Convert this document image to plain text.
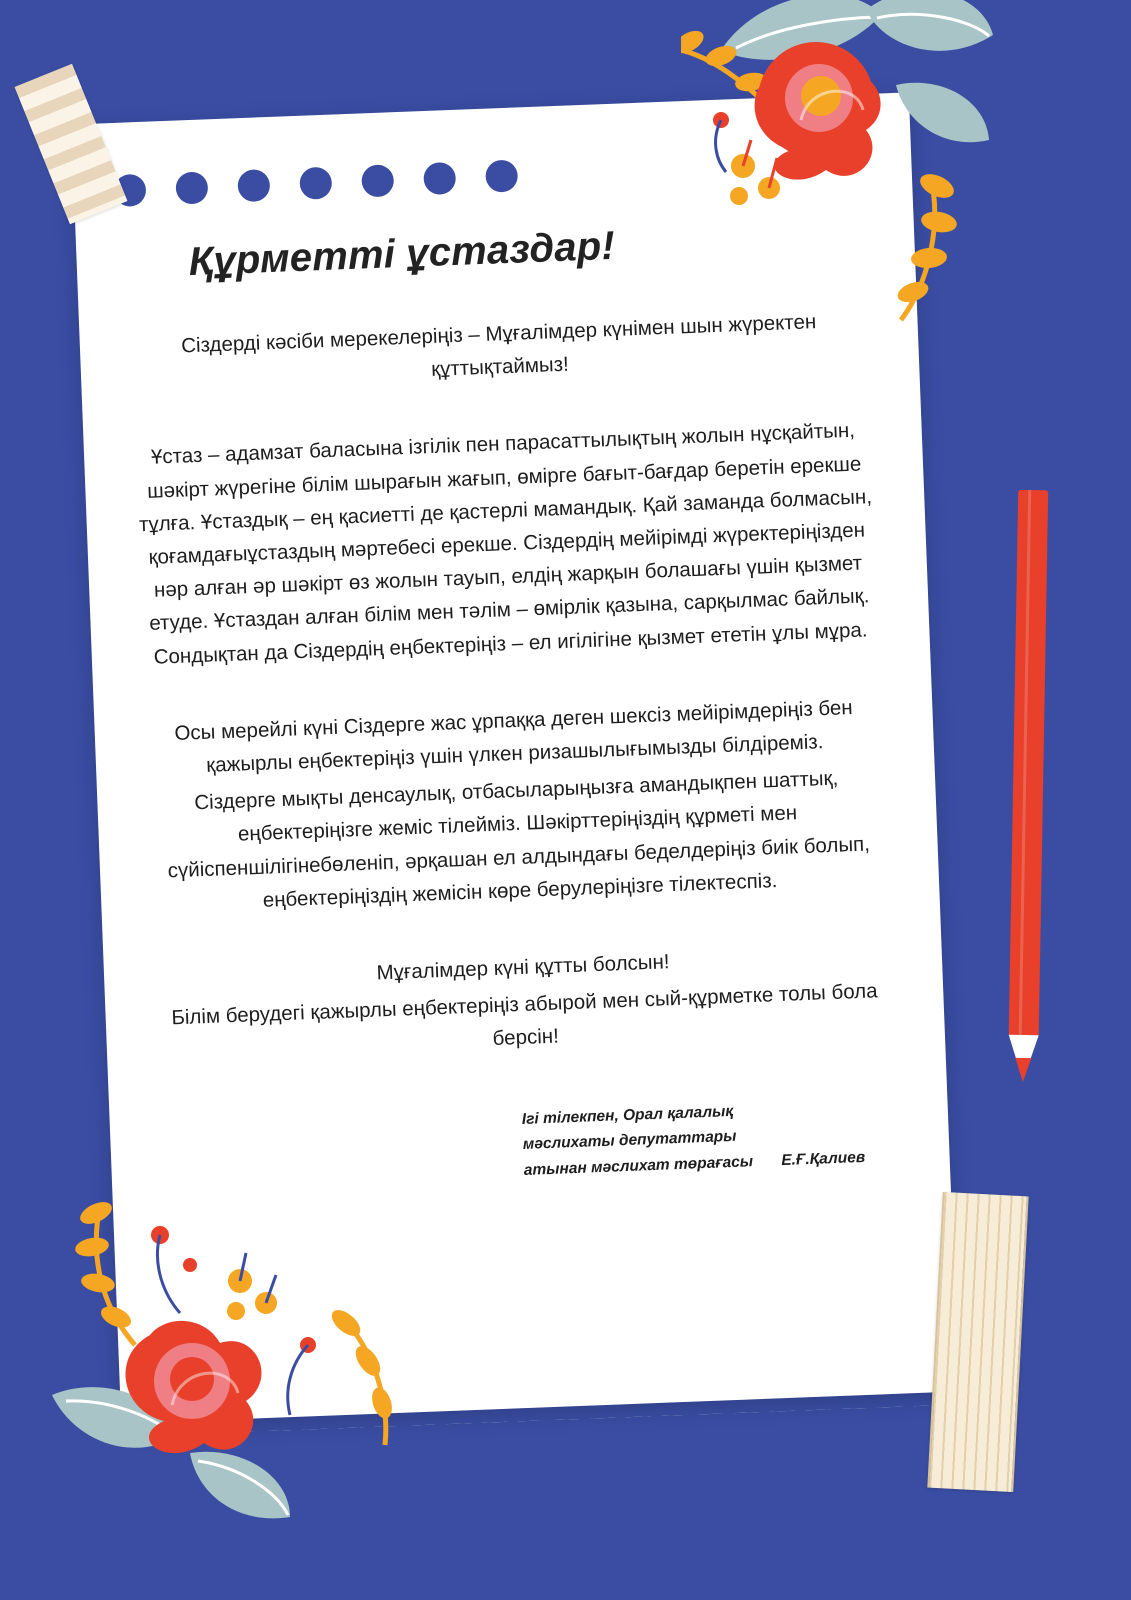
Құрметті ұстаздар!

Сіздерді кәсіби мерекелеріңіз – Мұғалімдер күнімен шын жүректен құттықтаймыз!

Ұстаз – адамзат баласына ізгілік пен парасаттылықтың жолын нұсқайтын, шәкірт жүрегіне білім шырағын жағып, өмірге бағыт-бағдар беретін ерекше тұлға. Ұстаздық – ең қасиетті де қастерлі мамандық. Қай заманда болмасын, қоғамдағыұстаздың мәртебесі ерекше. Сіздердің мейірімді жүректеріңізден нәр алған әр шәкірт өз жолын тауып, елдің жарқын болашағы үшін қызмет етуде. Ұстаздан алған білім мен тәлім – өмірлік қазына, сарқылмас байлық. Сондықтан да Сіздердің еңбектеріңіз – ел игілігіне қызмет ететін ұлы мұра.

Осы мерейлі күні Сіздерге жас ұрпаққа деген шексіз мейірімдеріңіз бен қажырлы еңбектеріңіз үшін үлкен ризашылығымызды білдіреміз.

Сіздерге мықты денсаулық, отбасыларыңызға амандықпен шаттық, еңбектеріңізге жеміс тілейміз. Шәкірттеріңіздің құрметі мен сүйіспеншілігінебөленіп, әрқашан ел алдындағы беделдеріңіз биік болып, еңбектеріңіздің жемісін көре берулеріңізге тілектеспіз.

Мұғалімдер күні құтты болсын!

Білім берудегі қажырлы еңбектеріңіз абырой мен сый-құрметке толы бола берсін!

Ігі тілекпен, Орал қалалық
мәслихаты депутаттары
атынан мәслихат төрағасы Е.Ғ.Қалиев
